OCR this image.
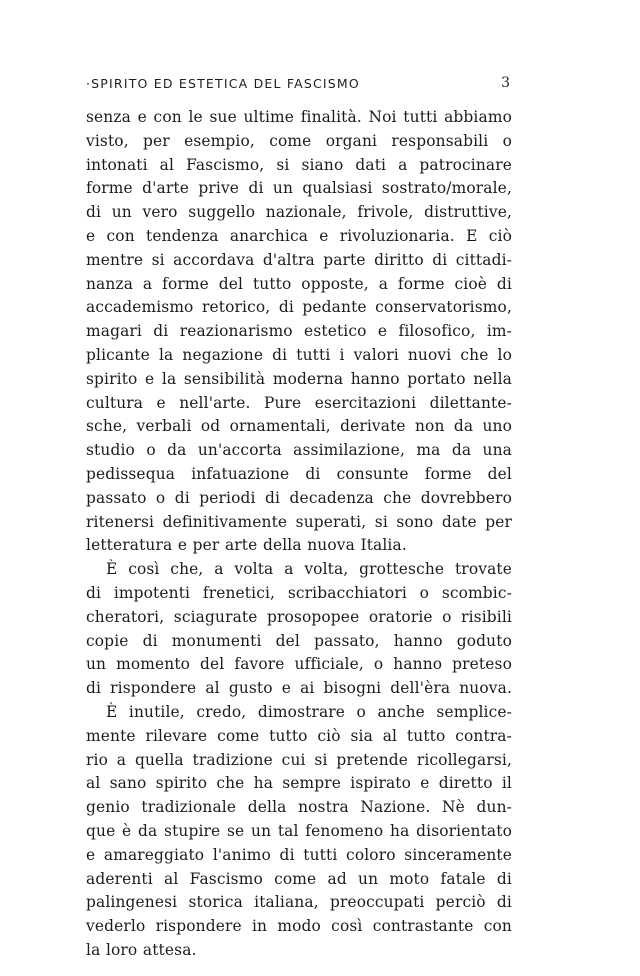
·SPIRITO ED ESTETICA DEL FASCISMO	3
senza e con le sue ultime finalità. Noi tutti abbiamo
visto, per esempio, come organi responsabili o
intonati al Fascismo, si siano dati a patrocinare
forme d'arte prive di un qualsiasi sostrato/morale,
di un vero suggello nazionale, frivole, distruttive,
e con tendenza anarchica e rivoluzionaria. E ciò
mentre si accordava d'altra parte diritto di cittadi-
nanza a forme del tutto opposte, a forme cioè di
accademismo retorico, di pedante conservatorismo,
magari di reazionarismo estetico e filosofico, im-
plicante la negazione di tutti i valori nuovi che lo
spirito e la sensibilità moderna hanno portato nella
cultura e nell'arte. Pure esercitazioni dilettante-
sche, verbali od ornamentali, derivate non da uno
studio o da un'accorta assimilazione, ma da una
pedissequa infatuazione di consunte forme del
passato o di periodi di decadenza che dovrebbero
ritenersi definitivamente superati, si sono date per
letteratura e per arte della nuova Italia.
È così che, a volta a volta, grottesche trovate
di impotenti frenetici, scribacchiatori o scombic-
cheratori, sciagurate prosopopee oratorie o risibili
copie di monumenti del passato, hanno goduto
un momento del favore ufficiale, o hanno preteso
di rispondere al gusto e ai bisogni dell'èra nuova.
È inutile, credo, dimostrare o anche semplice-
mente rilevare come tutto ciò sia al tutto contra-
rio a quella tradizione cui si pretende ricollegarsi,
al sano spirito che ha sempre ispirato e diretto il
genio tradizionale della nostra Nazione. Nè dun-
que è da stupire se un tal fenomeno ha disorientato
e amareggiato l'animo di tutti coloro sinceramente
aderenti al Fascismo come ad un moto fatale di
palingenesi storica italiana, preoccupati perciò di
vederlo rispondere in modo così contrastante con
la loro attesa.
